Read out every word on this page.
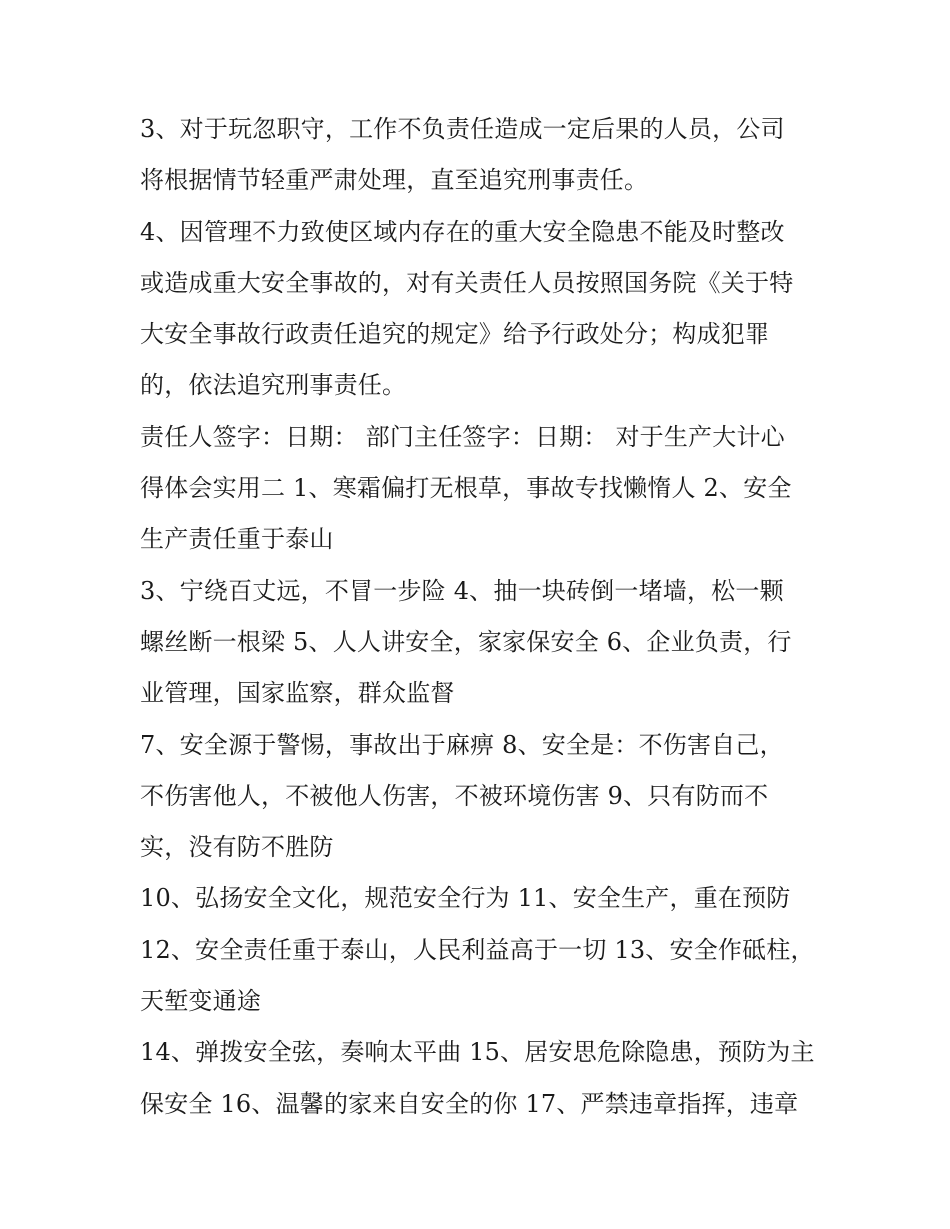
3、对于玩忽职守，工作不负责任造成一定后果的人员，公司
将根据情节轻重严肃处理，直至追究刑事责任。
4、因管理不力致使区域内存在的重大安全隐患不能及时整改
或造成重大安全事故的，对有关责任人员按照国务院《关于特
大安全事故行政责任追究的规定》给予行政处分；构成犯罪
的，依法追究刑事责任。
责任人签字：日期： 部门主任签字：日期： 对于生产大计心
得体会实用二 1、寒霜偏打无根草，事故专找懒惰人 2、安全
生产责任重于泰山
3、宁绕百丈远，不冒一步险 4、抽一块砖倒一堵墙，松一颗
螺丝断一根梁 5、人人讲安全，家家保安全 6、企业负责，行
业管理，国家监察，群众监督
7、安全源于警惕，事故出于麻痹 8、安全是：不伤害自己，
不伤害他人，不被他人伤害，不被环境伤害 9、只有防而不
实，没有防不胜防
10、弘扬安全文化，规范安全行为 11、安全生产，重在预防
12、安全责任重于泰山，人民利益高于一切 13、安全作砥柱，
天堑变通途
14、弹拨安全弦，奏响太平曲 15、居安思危除隐患，预防为主
保安全 16、温馨的家来自安全的你 17、严禁违章指挥，违章
